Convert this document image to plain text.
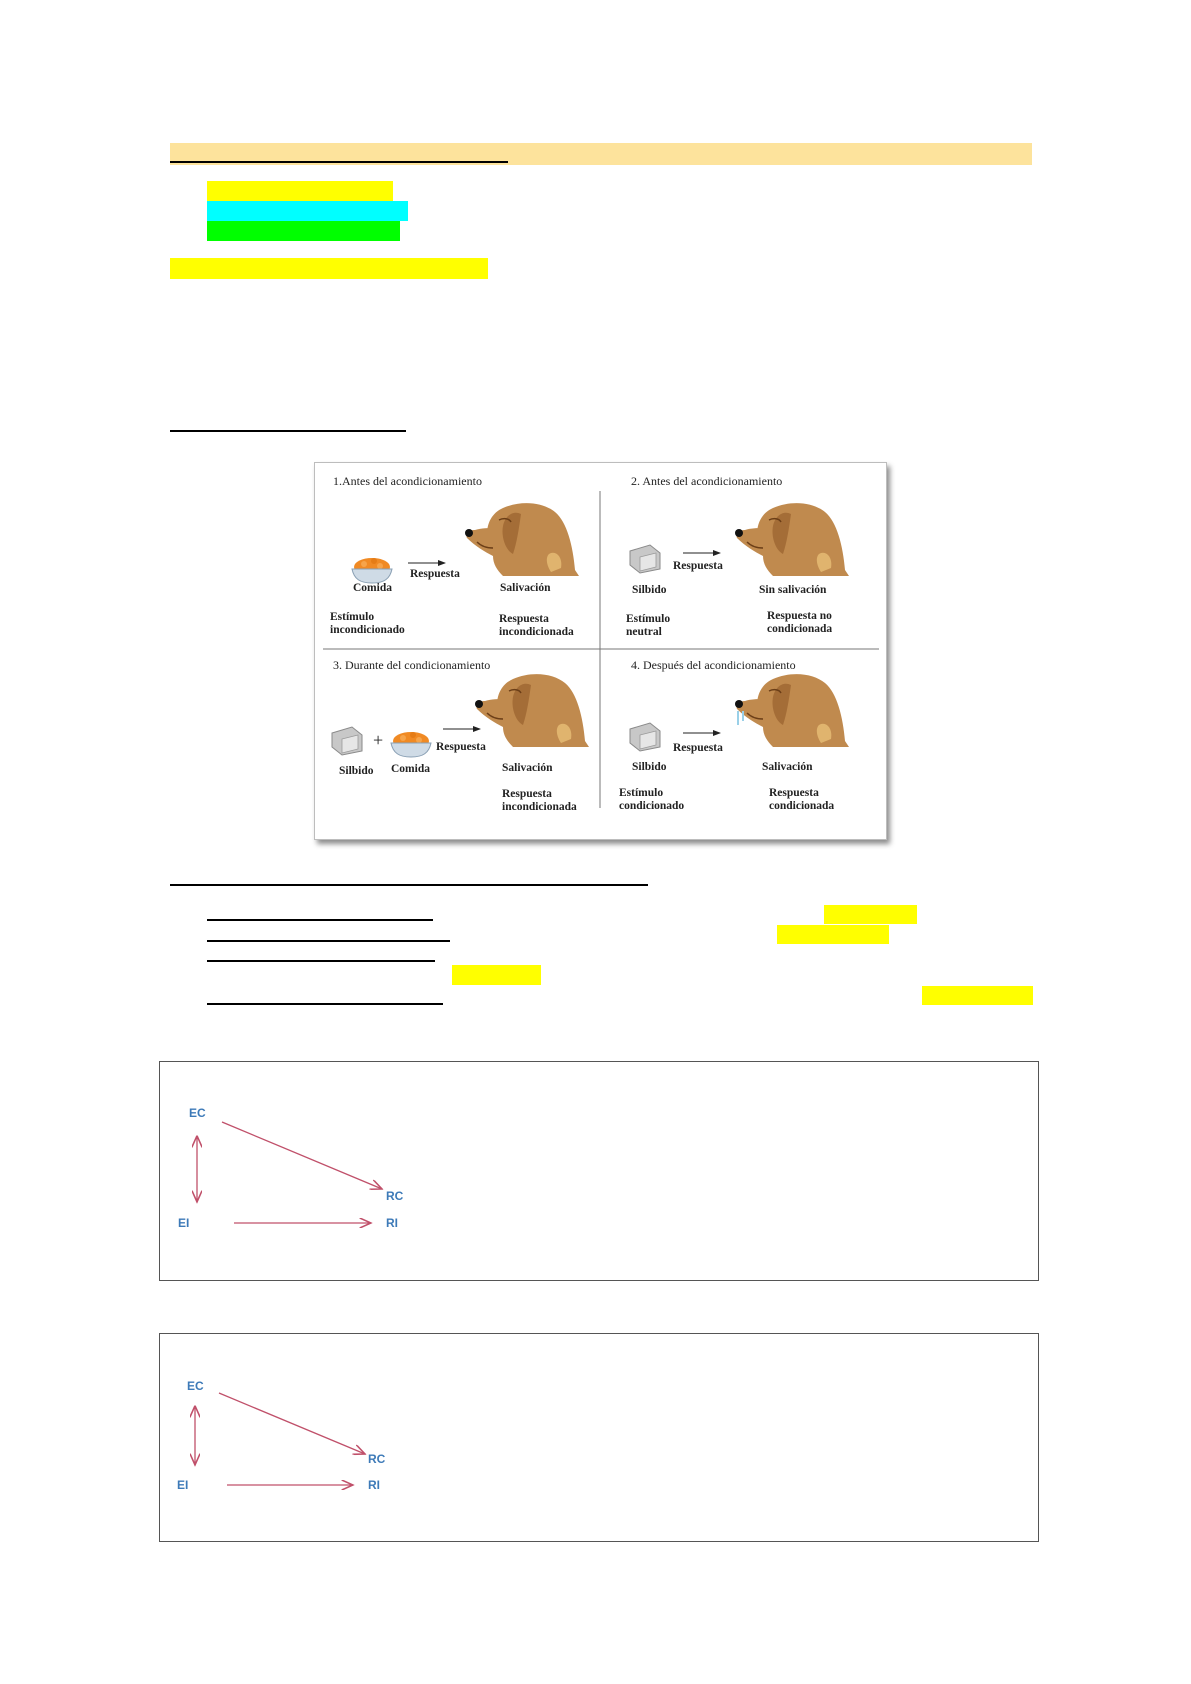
1.Antes del acondicionamiento
Comida
Respuesta
Salivación
Estímulo
incondicionado
Respuesta
incondicionada
2. Antes del acondicionamiento
Silbido
Respuesta
Sin salivación
Estímulo
neutral
Respuesta no
condicionada
3. Durante del condicionamiento
Silbido
+
Comida
Respuesta
Salivación
Respuesta
incondicionada
4. Después del acondicionamiento
Silbido
Respuesta
Salivación
Estímulo
condicionado
Respuesta
condicionada
EC
RC
EI	RI
EC
RC
EI	RI
